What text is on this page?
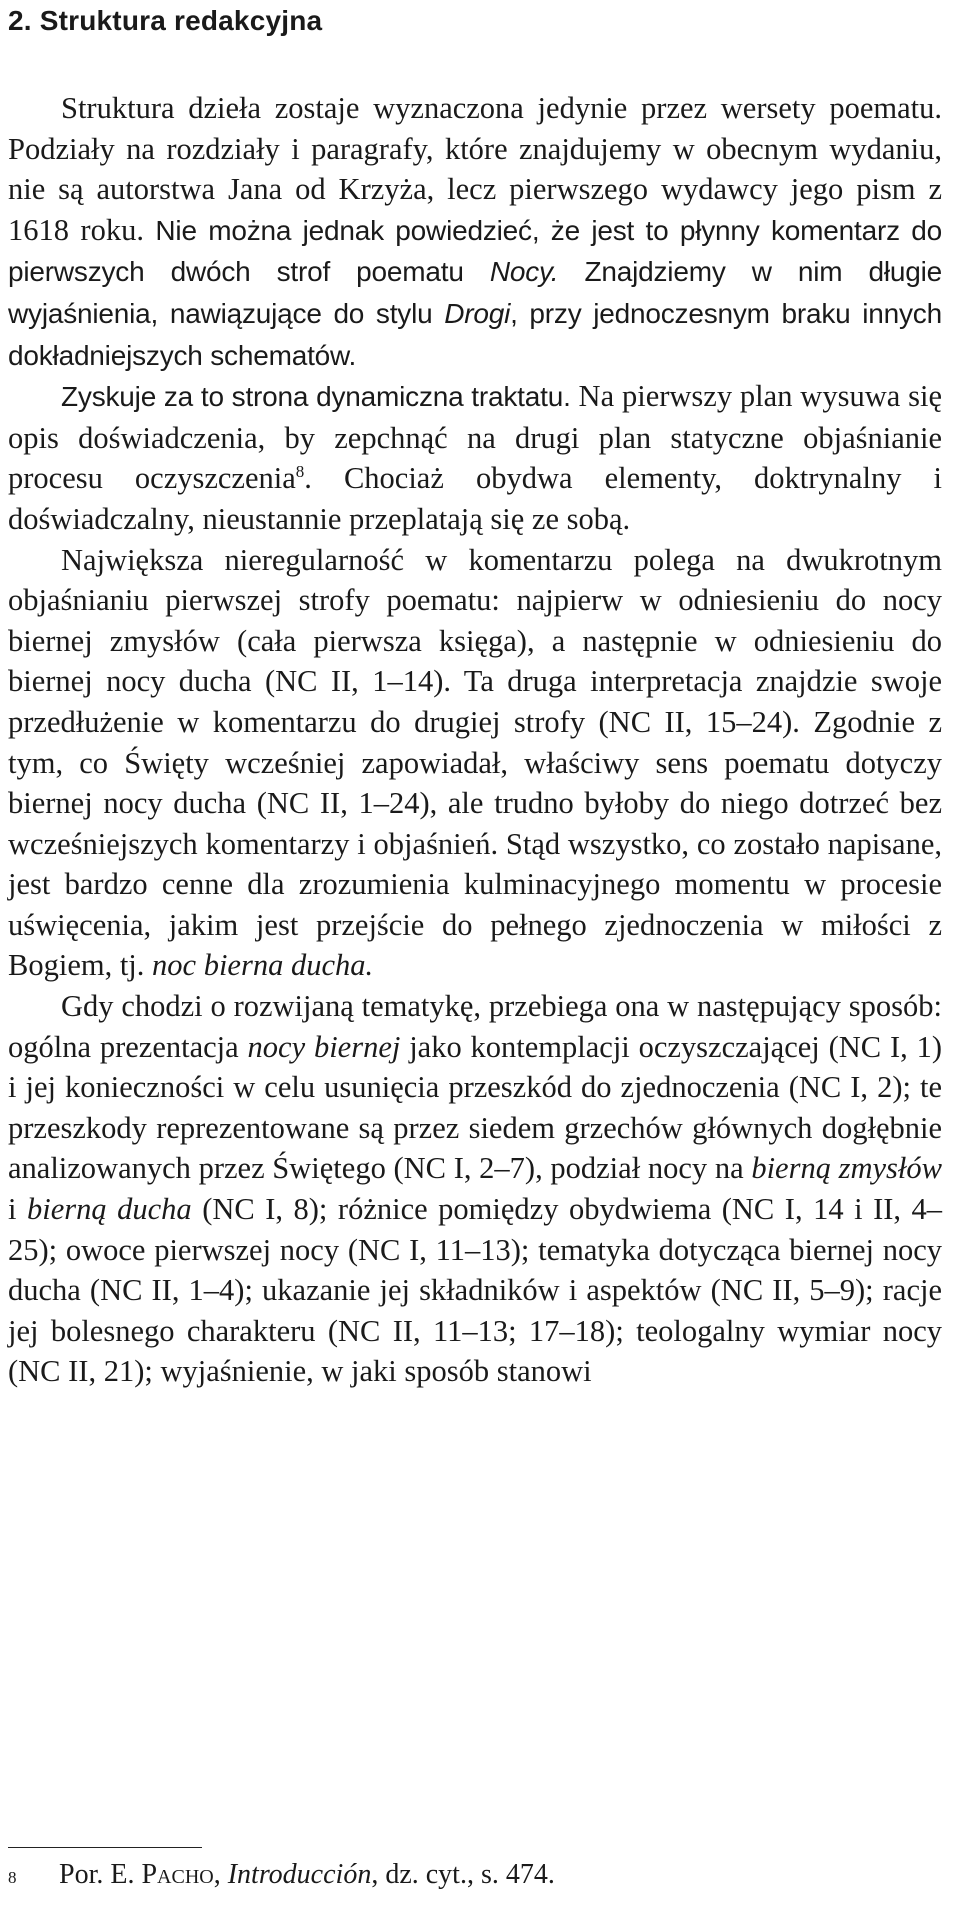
2. Struktura redakcyjna

Struktura dzieła zostaje wyznaczona jedynie przez wersety poematu. Podziały na rozdziały i paragrafy, które znajdujemy w obecnym wydaniu, nie są autorstwa Jana od Krzyża, lecz pierwszego wydawcy jego pism z 1618 roku. Nie można jednak powiedzieć, że jest to płynny komentarz do pierwszych dwóch strof poematu Nocy. Znajdziemy w nim długie wyjaśnienia, nawiązujące do stylu Drogi, przy jednoczesnym braku innych dokładniejszych schematów.

Zyskuje za to strona dynamiczna traktatu. Na pierwszy plan wysuwa się opis doświadczenia, by zepchnąć na drugi plan statyczne objaśnianie procesu oczyszczenia$^8$. Chociaż obydwa elementy, doktrynalny i doświadczalny, nieustannie przeplatają się ze sobą.

Największa nieregularność w komentarzu polega na dwukrotnym objaśnianiu pierwszej strofy poematu: najpierw w odniesieniu do nocy biernej zmysłów (cała pierwsza księga), a następnie w odniesieniu do biernej nocy ducha (NC II, 1–14). Ta druga interpretacja znajdzie swoje przedłużenie w komentarzu do drugiej strofy (NC II, 15–24). Zgodnie z tym, co Święty wcześniej zapowiadał, właściwy sens poematu dotyczy biernej nocy ducha (NC II, 1–24), ale trudno byłoby do niego dotrzeć bez wcześniejszych komentarzy i objaśnień. Stąd wszystko, co zostało napisane, jest bardzo cenne dla zrozumienia kulminacyjnego momentu w procesie uświęcenia, jakim jest przejście do pełnego zjednoczenia w miłości z Bogiem, tj. noc bierna ducha.

Gdy chodzi o rozwijaną tematykę, przebiega ona w następujący sposób: ogólna prezentacja nocy biernej jako kontemplacji oczyszczającej (NC I, 1) i jej konieczności w celu usunięcia przeszkód do zjednoczenia (NC I, 2); te przeszkody reprezentowane są przez siedem grzechów głównych dogłębnie analizowanych przez Świętego (NC I, 2–7), podział nocy na bierną zmysłów i bierną ducha (NC I, 8); różnice pomiędzy obydwiema (NC I, 14 i II, 4–25); owoce pierwszej nocy (NC I, 11–13); tematyka dotycząca biernej nocy ducha (NC II, 1–4); ukazanie jej składników i aspektów (NC II, 5–9); racje jej bolesnego charakteru (NC II, 11–13; 17–18); teologalny wymiar nocy (NC II, 21); wyjaśnienie, w jaki sposób stanowi

8	Por. E. Pacho, Introducción, dz. cyt., s. 474.
